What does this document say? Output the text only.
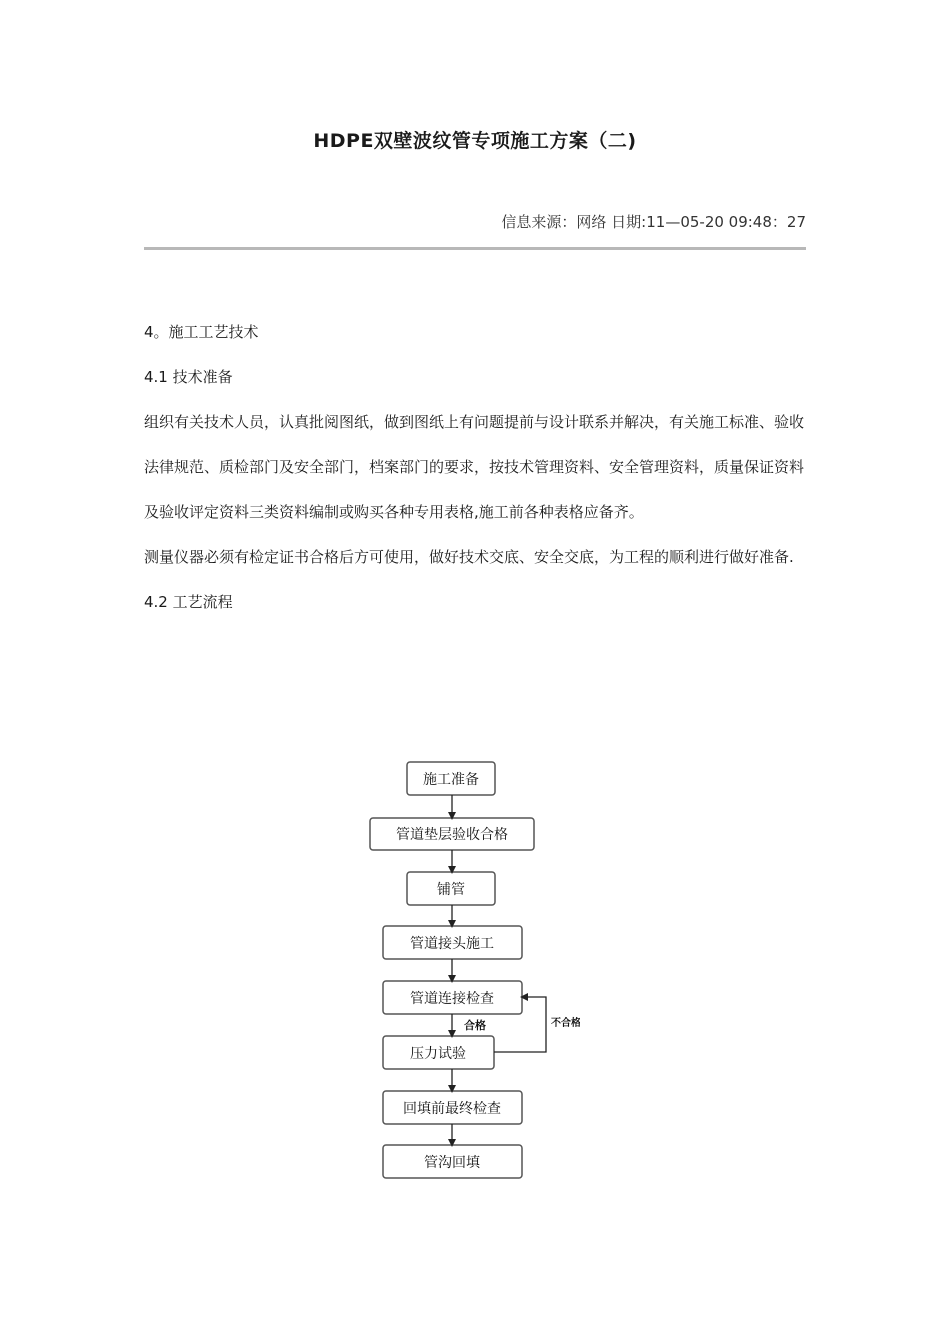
HDPE双壁波纹管专项施工方案（二)
信息来源：网络 日期:11—05-20 09:48：27

4。施工工艺技术

4.1 技术准备

组织有关技术人员，认真批阅图纸，做到图纸上有问题提前与设计联系并解决，有关施工标准、验收法律规范、质检部门及安全部门，档案部门的要求，按技术管理资料、安全管理资料，质量保证资料及验收评定资料三类资料编制或购买各种专用表格,施工前各种表格应备齐。

测量仪器必须有检定证书合格后方可使用，做好技术交底、安全交底，为工程的顺利进行做好准备.

4.2 工艺流程

施工准备
管道垫层验收合格
铺管
管道接头施工
管道连接检查
压力试验
回填前最终检查
管沟回填
合格	不合格
